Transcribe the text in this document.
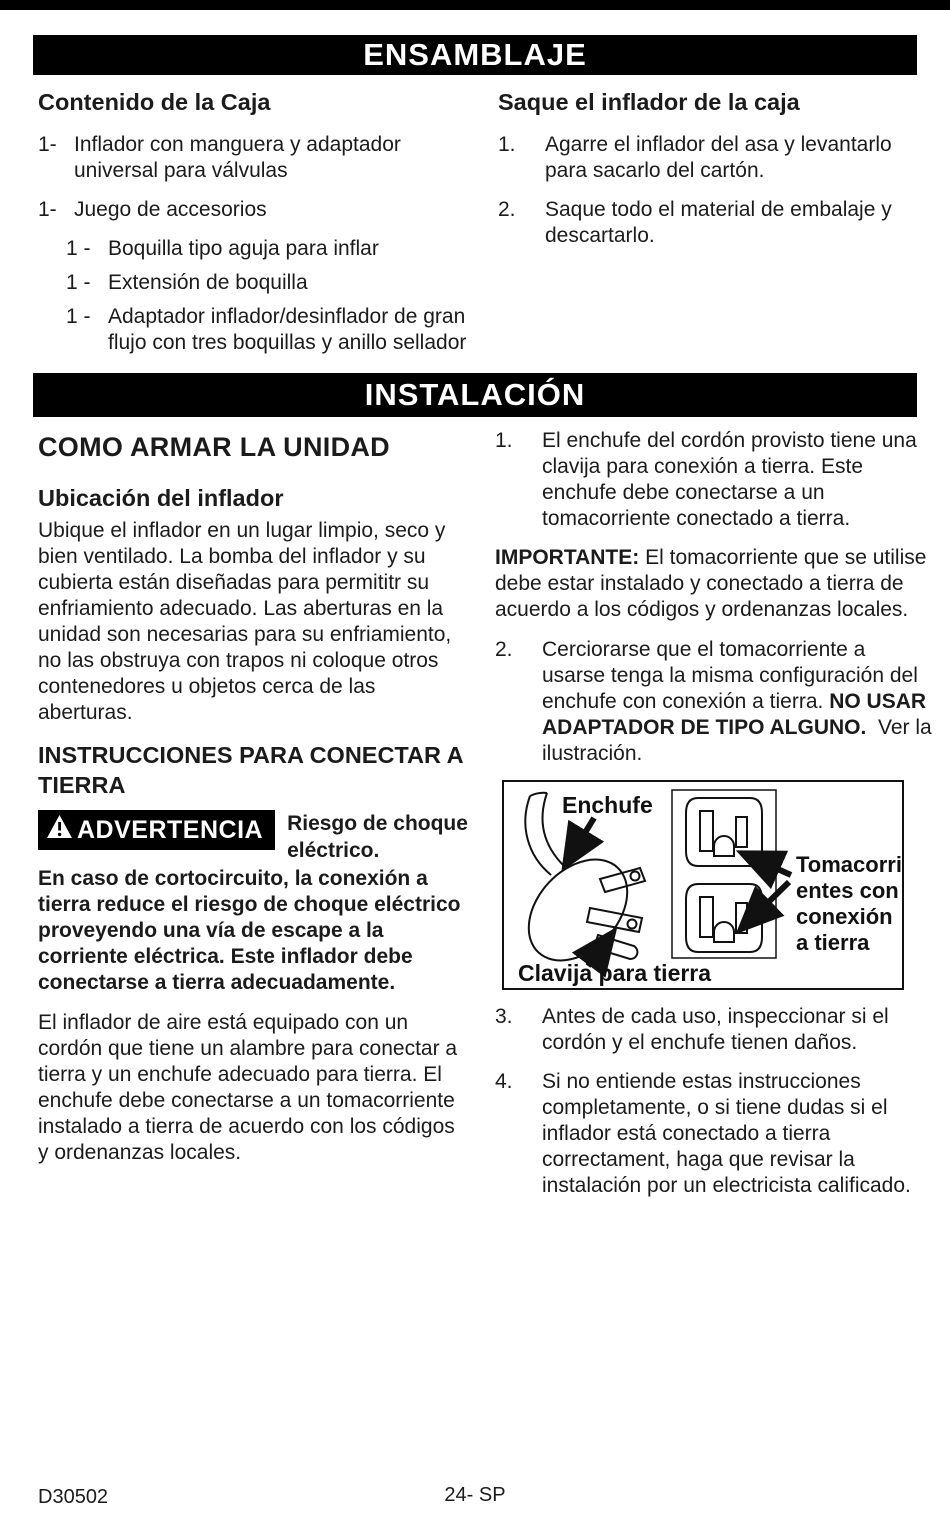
ENSAMBLAJE
Contenido de la Caja
1- Inflador con manguera y adaptador universal para válvulas
1- Juego de accesorios
1 - Boquilla tipo aguja para inflar
1 - Extensión de boquilla
1 - Adaptador inflador/desinflador de gran flujo con tres boquillas y anillo sellador
Saque el inflador de la caja
1.	Agarre el inflador del asa y levantarlo para sacarlo del cartón.
2.	Saque todo el material de embalaje y descartarlo.
INSTALACIÓN
COMO ARMAR LA UNIDAD
Ubicación del inflador

Ubique el inflador en un lugar limpio, seco y bien ventilado. La bomba del inflador y su cubierta están diseñadas para permititr su enfriamiento adecuado. Las aberturas en la unidad son necesarias para su enfriamiento, no las obstruya con trapos ni coloque otros contenedores u objetos cerca de las aberturas.

INSTRUCCIONES PARA CONECTAR A TIERRA
ADVERTENCIA Riesgo de choque eléctrico.

En caso de cortocircuito, la conexión a tierra reduce el riesgo de choque eléctrico proveyendo una vía de escape a la corriente eléctrica. Este inflador debe conectarse a tierra adecuadamente.

El inflador de aire está equipado con un cordón que tiene un alambre para conectar a tierra y un enchufe adecuado para tierra. El enchufe debe conectarse a un tomacorriente instalado a tierra de acuerdo con los códigos y ordenanzas locales.

1.	El enchufe del cordón provisto tiene una clavija para conexión a tierra. Este enchufe debe conectarse a un tomacorriente conectado a tierra.

IMPORTANTE: El tomacorriente que se utilise debe estar instalado y conectado a tierra de acuerdo a los códigos y ordenanzas locales.

2.	Cerciorarse que el tomacorriente a usarse tenga la misma configuración del enchufe con conexión a tierra. NO USAR ADAPTADOR DE TIPO ALGUNO. Ver la ilustración.
Enchufe
Clavija para tierra
Tomacorri
entes con
conexión
a tierra
3.	Antes de cada uso, inspeccionar si el cordón y el enchufe tienen daños.
4.	Si no entiende estas instrucciones completamente, o si tiene dudas si el inflador está conectado a tierra correctament, haga que revisar la instalación por un electricista calificado.
D30502	24- SP
